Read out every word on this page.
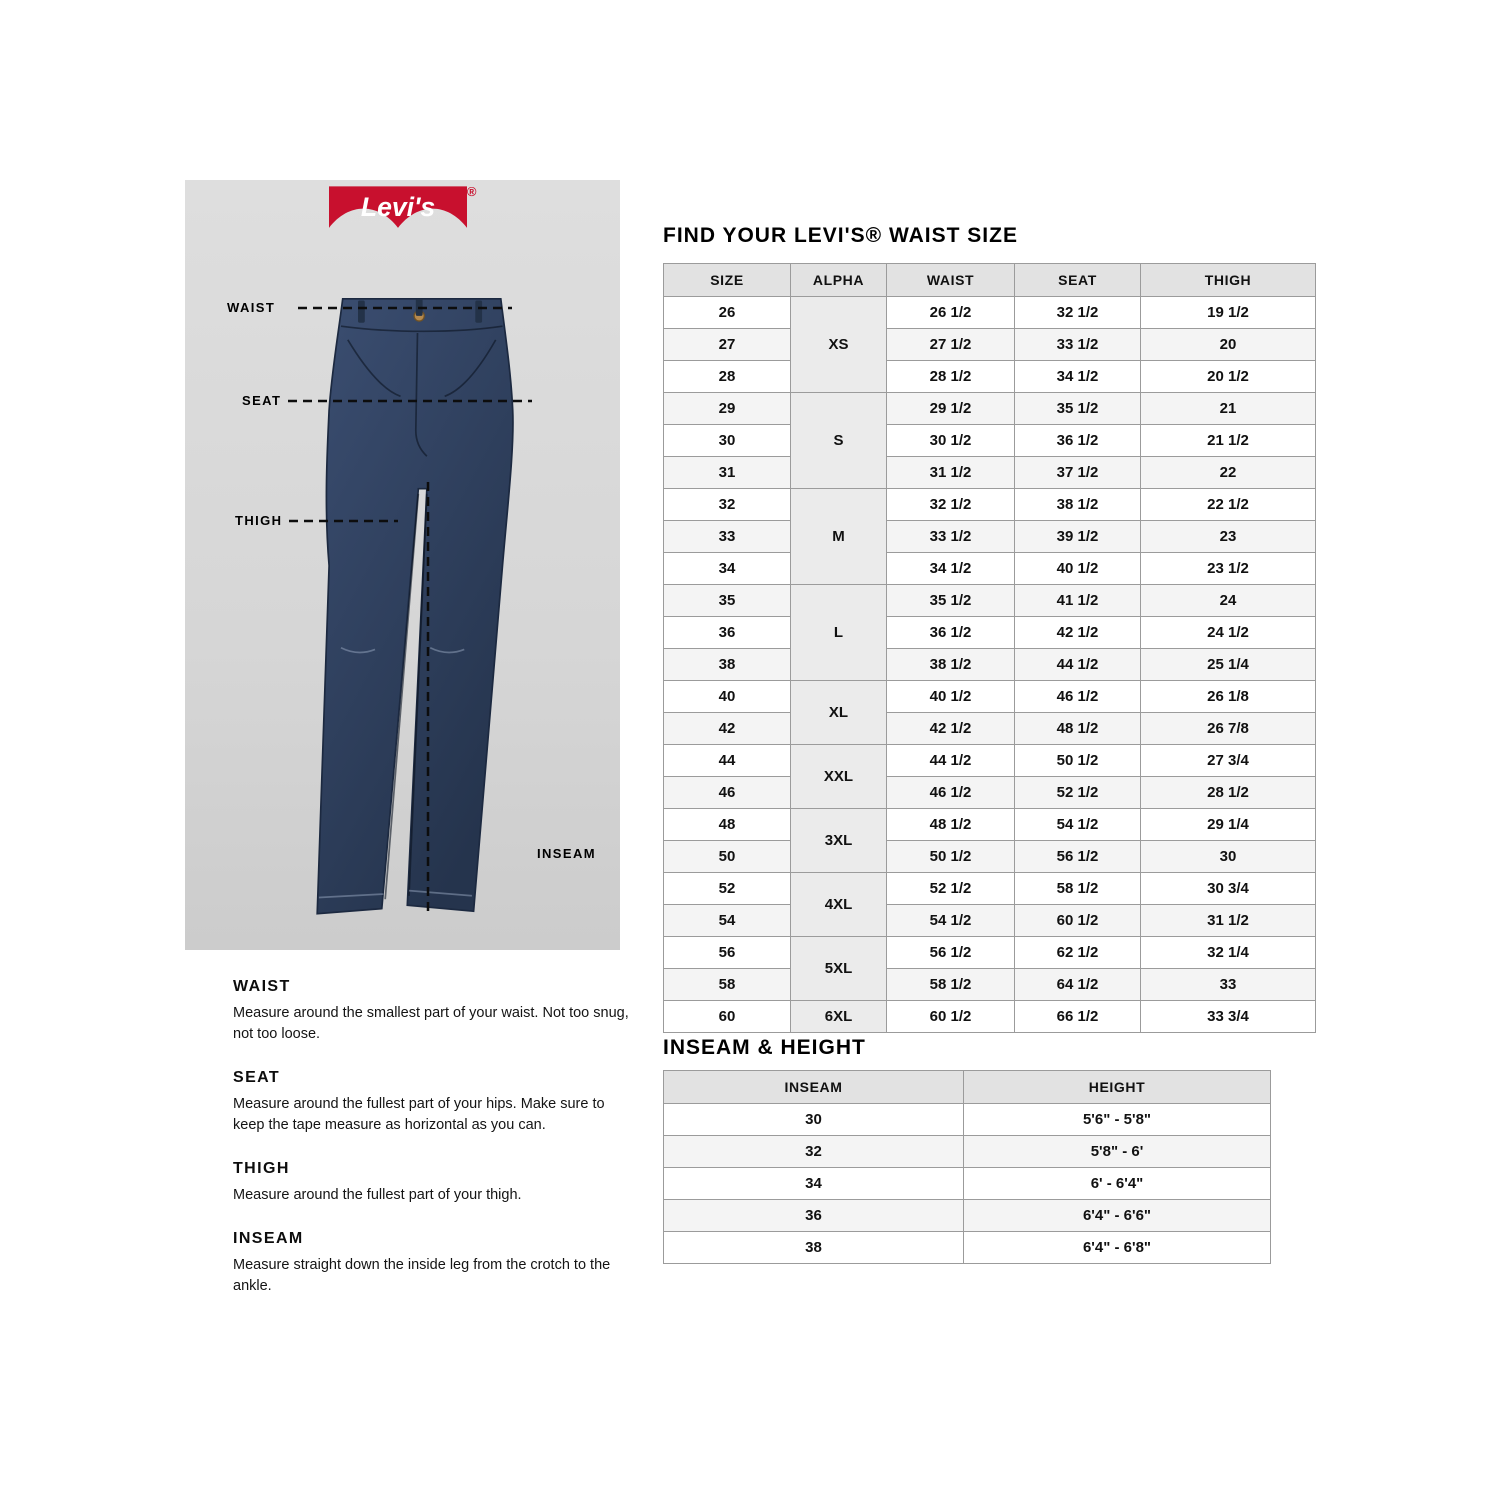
Levi's
®
WAIST
SEAT
THIGH
INSEAM
WAIST

Measure around the smallest part of your waist. Not too snug, not too loose.

SEAT

Measure around the fullest part of your hips. Make sure to keep the tape measure as horizontal as you can.

THIGH

Measure around the fullest part of your thigh.

INSEAM

Measure straight down the inside leg from the crotch to the ankle.

FIND YOUR LEVI'S® WAIST SIZE
SIZE	ALPHA	WAIST	SEAT	THIGH
26	XS	26 1/2	32 1/2	19 1/2
27		27 1/2	33 1/2	20
28		28 1/2	34 1/2	20 1/2
29	S	29 1/2	35 1/2	21
30		30 1/2	36 1/2	21 1/2
31		31 1/2	37 1/2	22
32	M	32 1/2	38 1/2	22 1/2
33		33 1/2	39 1/2	23
34		34 1/2	40 1/2	23 1/2
35	L	35 1/2	41 1/2	24
36		36 1/2	42 1/2	24 1/2
38		38 1/2	44 1/2	25 1/4
40	XL	40 1/2	46 1/2	26 1/8
42		42 1/2	48 1/2	26 7/8
44	XXL	44 1/2	50 1/2	27 3/4
46		46 1/2	52 1/2	28 1/2
48	3XL	48 1/2	54 1/2	29 1/4
50		50 1/2	56 1/2	30
52	4XL	52 1/2	58 1/2	30 3/4
54		54 1/2	60 1/2	31 1/2
56	5XL	56 1/2	62 1/2	32 1/4
58		58 1/2	64 1/2	33
60	6XL	60 1/2	66 1/2	33 3/4
INSEAM & HEIGHT
INSEAM	HEIGHT
30	5'6" - 5'8"
32	5'8" - 6'
34	6' - 6'4"
36	6'4" - 6'6"
38	6'4" - 6'8"
